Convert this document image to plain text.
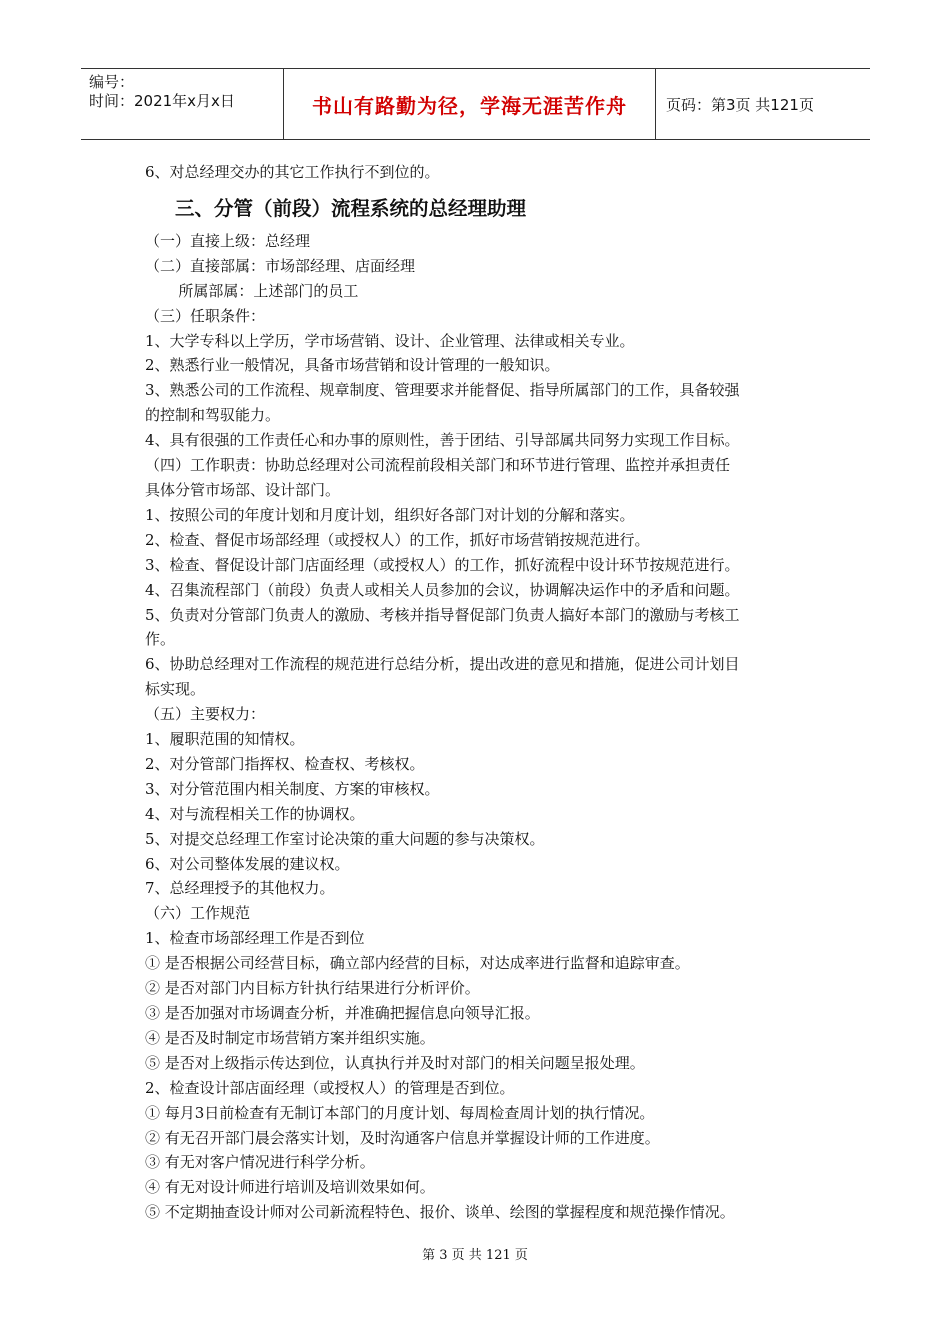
编号：
时间：2021年x月x日	书山有路勤为径，学海无涯苦作舟	页码：第3页 共121页
6、对总经理交办的其它工作执行不到位的。
三、分管（前段）流程系统的总经理助理
（一）直接上级：总经理
（二）直接部属：市场部经理、店面经理
所属部属：上述部门的员工
（三）任职条件：
1、大学专科以上学历，学市场营销、设计、企业管理、法律或相关专业。
2、熟悉行业一般情况，具备市场营销和设计管理的一般知识。
3、熟悉公司的工作流程、规章制度、管理要求并能督促、指导所属部门的工作，具备较强
的控制和驾驭能力。
4、具有很强的工作责任心和办事的原则性，善于团结、引导部属共同努力实现工作目标。
（四）工作职责：协助总经理对公司流程前段相关部门和环节进行管理、监控并承担责任
具体分管市场部、设计部门。
1、按照公司的年度计划和月度计划，组织好各部门对计划的分解和落实。
2、检查、督促市场部经理（或授权人）的工作，抓好市场营销按规范进行。
3、检查、督促设计部门店面经理（或授权人）的工作，抓好流程中设计环节按规范进行。
4、召集流程部门（前段）负责人或相关人员参加的会议，协调解决运作中的矛盾和问题。
5、负责对分管部门负责人的激励、考核并指导督促部门负责人搞好本部门的激励与考核工
作。
6、协助总经理对工作流程的规范进行总结分析，提出改进的意见和措施，促进公司计划目
标实现。
（五）主要权力：
1、履职范围的知情权。
2、对分管部门指挥权、检查权、考核权。
3、对分管范围内相关制度、方案的审核权。
4、对与流程相关工作的协调权。
5、对提交总经理工作室讨论决策的重大问题的参与决策权。
6、对公司整体发展的建议权。
7、总经理授予的其他权力。
（六）工作规范
1、检查市场部经理工作是否到位
① 是否根据公司经营目标，确立部内经营的目标，对达成率进行监督和追踪审查。
② 是否对部门内目标方针执行结果进行分析评价。
③ 是否加强对市场调查分析，并准确把握信息向领导汇报。
④ 是否及时制定市场营销方案并组织实施。
⑤ 是否对上级指示传达到位，认真执行并及时对部门的相关问题呈报处理。
2、检查设计部店面经理（或授权人）的管理是否到位。
① 每月3日前检查有无制订本部门的月度计划、每周检查周计划的执行情况。
② 有无召开部门晨会落实计划，及时沟通客户信息并掌握设计师的工作进度。
③ 有无对客户情况进行科学分析。
④ 有无对设计师进行培训及培训效果如何。
⑤ 不定期抽查设计师对公司新流程特色、报价、谈单、绘图的掌握程度和规范操作情况。
第 3 页 共 121 页
